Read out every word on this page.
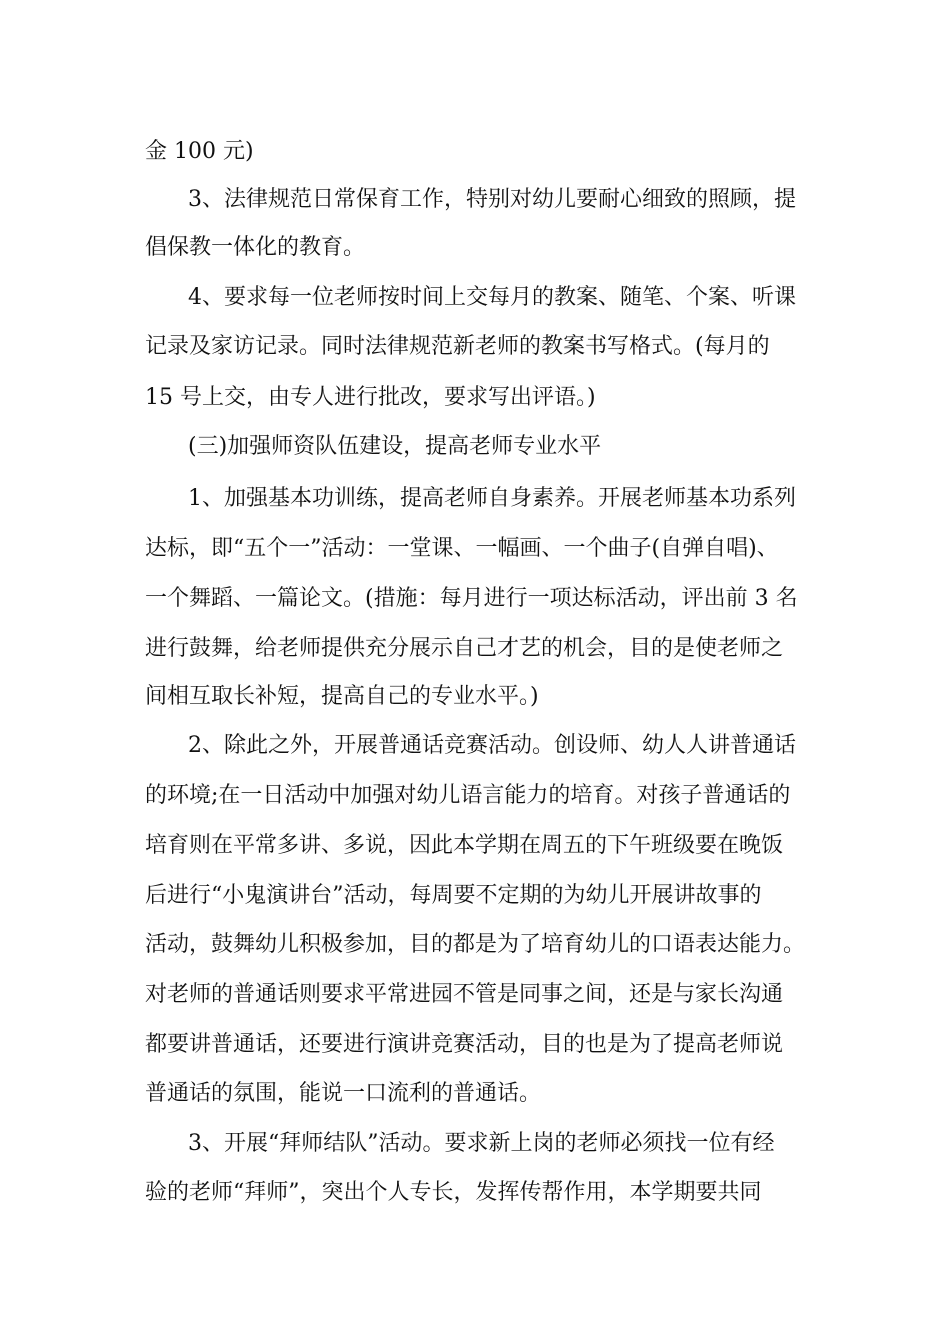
金 100 元)
3、法律规范日常保育工作，特别对幼儿要耐心细致的照顾，提
倡保教一体化的教育。
4、要求每一位老师按时间上交每月的教案、随笔、个案、听课
记录及家访记录。同时法律规范新老师的教案书写格式。(每月的
15 号上交，由专人进行批改，要求写出评语。)
(三)加强师资队伍建设，提高老师专业水平
1、加强基本功训练，提高老师自身素养。开展老师基本功系列
达标，即“五个一”活动：一堂课、一幅画、一个曲子(自弹自唱)、
一个舞蹈、一篇论文。(措施：每月进行一项达标活动，评出前 3 名
进行鼓舞，给老师提供充分展示自己才艺的机会，目的是使老师之
间相互取长补短，提高自己的专业水平。)
2、除此之外，开展普通话竞赛活动。创设师、幼人人讲普通话
的环境;在一日活动中加强对幼儿语言能力的培育。对孩子普通话的
培育则在平常多讲、多说，因此本学期在周五的下午班级要在晚饭
后进行“小鬼演讲台”活动，每周要不定期的为幼儿开展讲故事的
活动，鼓舞幼儿积极参加，目的都是为了培育幼儿的口语表达能力。
对老师的普通话则要求平常进园不管是同事之间，还是与家长沟通
都要讲普通话，还要进行演讲竞赛活动，目的也是为了提高老师说
普通话的氛围，能说一口流利的普通话。
3、开展“拜师结队”活动。要求新上岗的老师必须找一位有经
验的老师“拜师”，突出个人专长，发挥传帮作用，本学期要共同
